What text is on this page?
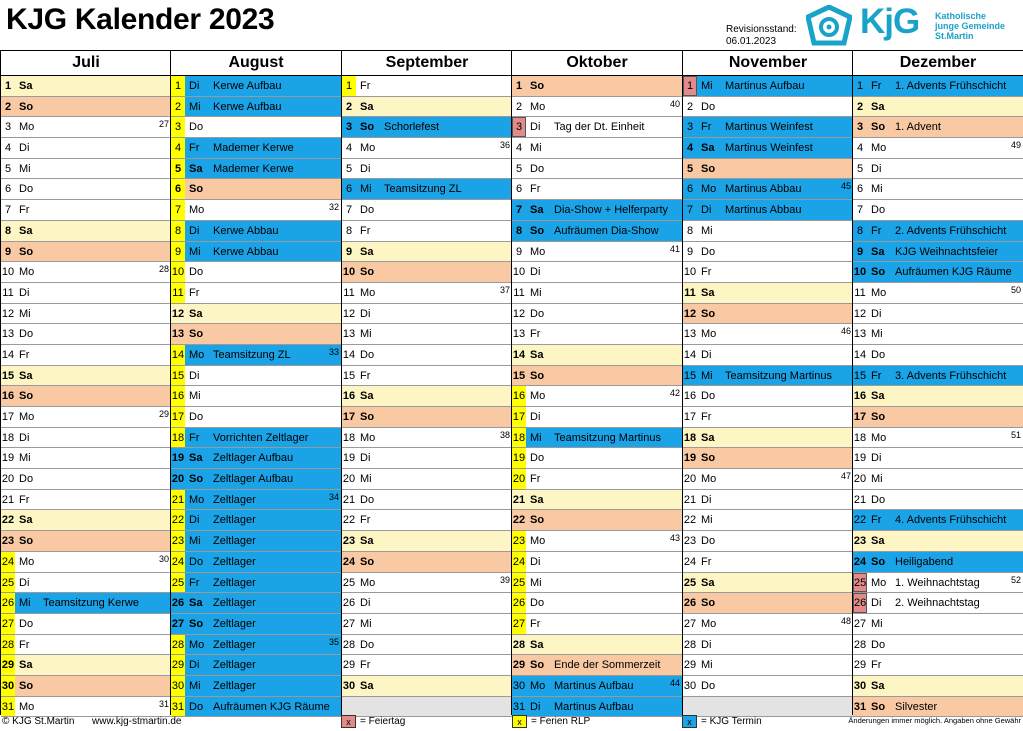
KJG Kalender 2023	Revisionsstand:
06.01.2023
KjG Katholische
junge Gemeinde
St.Martin
Juli
1 Sa
2 So
3 Mo	27
4 Di
5 Mi
6 Do
7 Fr
8 Sa
9 So
10 Mo	28
11 Di
12 Mi
13 Do
14 Fr
15 Sa
16 So
17 Mo	29
18 Di
19 Mi
20 Do
21 Fr
22 Sa
23 So
24 Mo	30
25 Di
26 Mi Teamsitzung Kerwe
27 Do
28 Fr
29 Sa
30 So
31 Mo	31
August
1 Di Kerwe Aufbau
2 Mi Kerwe Aufbau
3 Do
4 Fr Mademer Kerwe
5 Sa Mademer Kerwe
6 So
7 Mo	32
8 Di Kerwe Abbau
9 Mi Kerwe Abbau
10 Do
11 Fr
12 Sa
13 So
14 Mo Teamsitzung ZL	33
15 Di
16 Mi
17 Do
18 Fr Vorrichten Zeltlager
19 Sa Zeltlager Aufbau
20 So Zeltlager Aufbau
21 Mo Zeltlager	34
22 Di Zeltlager
23 Mi Zeltlager
24 Do Zeltlager
25 Fr Zeltlager
26 Sa Zeltlager
27 So Zeltlager
28 Mo Zeltlager	35
29 Di Zeltlager
30 Mi Zeltlager
31 Do Aufräumen KJG Räume
September
1 Fr
2 Sa
3 So Schorlefest
4 Mo	36
5 Di
6 Mi Teamsitzung ZL
7 Do
8 Fr
9 Sa
10 So
11 Mo	37
12 Di
13 Mi
14 Do
15 Fr
16 Sa
17 So
18 Mo	38
19 Di
20 Mi
21 Do
22 Fr
23 Sa
24 So
25 Mo	39
26 Di
27 Mi
28 Do
29 Fr
30 Sa
Oktober
1 So
2 Mo	40
3 Di Tag der Dt. Einheit
4 Mi
5 Do
6 Fr
7 Sa Dia-Show + Helferparty
8 So Aufräumen Dia-Show
9 Mo	41
10 Di
11 Mi
12 Do
13 Fr
14 Sa
15 So
16 Mo	42
17 Di
18 Mi Teamsitzung Martinus
19 Do
20 Fr
21 Sa
22 So
23 Mo	43
24 Di
25 Mi
26 Do
27 Fr
28 Sa
29 So Ende der Sommerzeit
30 Mo Martinus Aufbau	44
31 Di Martinus Aufbau
November
1 Mi Martinus Aufbau
2 Do
3 Fr Martinus Weinfest
4 Sa Martinus Weinfest
5 So
6 Mo Martinus Abbau	45
7 Di Martinus Abbau
8 Mi
9 Do
10 Fr
11 Sa
12 So
13 Mo	46
14 Di
15 Mi Teamsitzung Martinus
16 Do
17 Fr
18 Sa
19 So
20 Mo	47
21 Di
22 Mi
23 Do
24 Fr
25 Sa
26 So
27 Mo	48
28 Di
29 Mi
30 Do
Dezember
1 Fr 1. Advents Frühschicht
2 Sa
3 So 1. Advent
4 Mo	49
5 Di
6 Mi
7 Do
8 Fr 2. Advents Frühschicht
9 Sa KJG Weihnachtsfeier
10 So Aufräumen KJG Räume
11 Mo	50
12 Di
13 Mi
14 Do
15 Fr 3. Advents Frühschicht
16 Sa
17 So
18 Mo	51
19 Di
20 Mi
21 Do
22 Fr 4. Advents Frühschicht
23 Sa
24 So Heiligabend
25 Mo 1. Weihnachtstag	52
26 Di 2. Weihnachtstag
27 Mi
28 Do
29 Fr
30 Sa
31 So Silvester
© KJG St.Martin www.kjg-stmartin.de	x = Feiertag	x = Ferien RLP	x = KJG Termin	Änderungen immer möglich. Angaben ohne Gewähr
